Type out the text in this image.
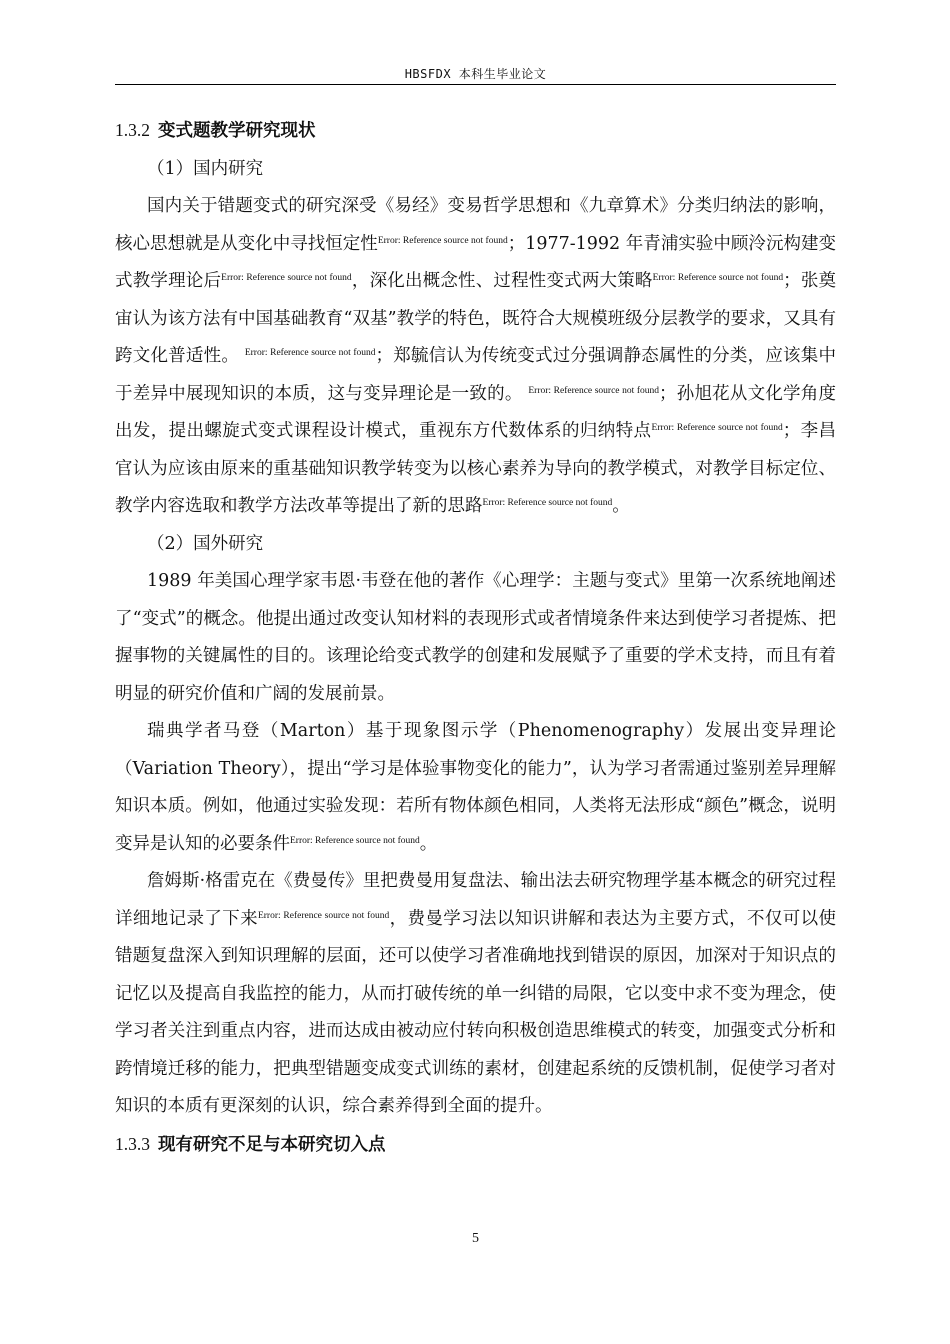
HBSFDX 本科生毕业论文

1.3.2 变式题教学研究现状

（1）国内研究

国内关于错题变式的研究深受《易经》变易哲学思想和《九章算术》分类归纳法的影响，核心思想就是从变化中寻找恒定性$^{Error: Reference source not found}$；1977-1992 年青浦实验中顾泠沅构建变式教学理论后$^{Error: Reference source not found}$，深化出概念性、过程性变式两大策略$^{Error: Reference source not found}$；张奠宙认为该方法有中国基础教育“双基”教学的特色，既符合大规模班级分层教学的要求，又具有跨文化普适性。 $^{Error: Reference source not found}$；郑毓信认为传统变式过分强调静态属性的分类，应该集中于差异中展现知识的本质，这与变异理论是一致的。 $^{Error: Reference source not found}$；孙旭花从文化学角度出发，提出螺旋式变式课程设计模式，重视东方代数体系的归纳特点$^{Error: Reference source not found}$；李昌官认为应该由原来的重基础知识教学转变为以核心素养为导向的教学模式，对教学目标定位、教学内容选取和教学方法改革等提出了新的思路$^{Error: Reference source not found}$。

（2）国外研究

1989 年美国心理学家韦恩·韦登在他的著作《心理学：主题与变式》里第一次系统地阐述了“变式”的概念。他提出通过改变认知材料的表现形式或者情境条件来达到使学习者提炼、把握事物的关键属性的目的。该理论给变式教学的创建和发展赋予了重要的学术支持，而且有着明显的研究价值和广阔的发展前景。

瑞典学者马登（Marton）基于现象图示学（Phenomenography）发展出变异理论（Variation Theory），提出“学习是体验事物变化的能力”，认为学习者需通过鉴别差异理解知识本质。例如，他通过实验发现：若所有物体颜色相同，人类将无法形成“颜色”概念，说明变异是认知的必要条件$^{Error: Reference source not found}$。

詹姆斯·格雷克在《费曼传》里把费曼用复盘法、输出法去研究物理学基本概念的研究过程详细地记录了下来$^{Error: Reference source not found}$，费曼学习法以知识讲解和表达为主要方式，不仅可以使错题复盘深入到知识理解的层面，还可以使学习者准确地找到错误的原因，加深对于知识点的记忆以及提高自我监控的能力，从而打破传统的单一纠错的局限，它以变中求不变为理念，使学习者关注到重点内容，进而达成由被动应付转向积极创造思维模式的转变，加强变式分析和跨情境迁移的能力，把典型错题变成变式训练的素材，创建起系统的反馈机制，促使学习者对知识的本质有更深刻的认识，综合素养得到全面的提升。

1.3.3 现有研究不足与本研究切入点

5
